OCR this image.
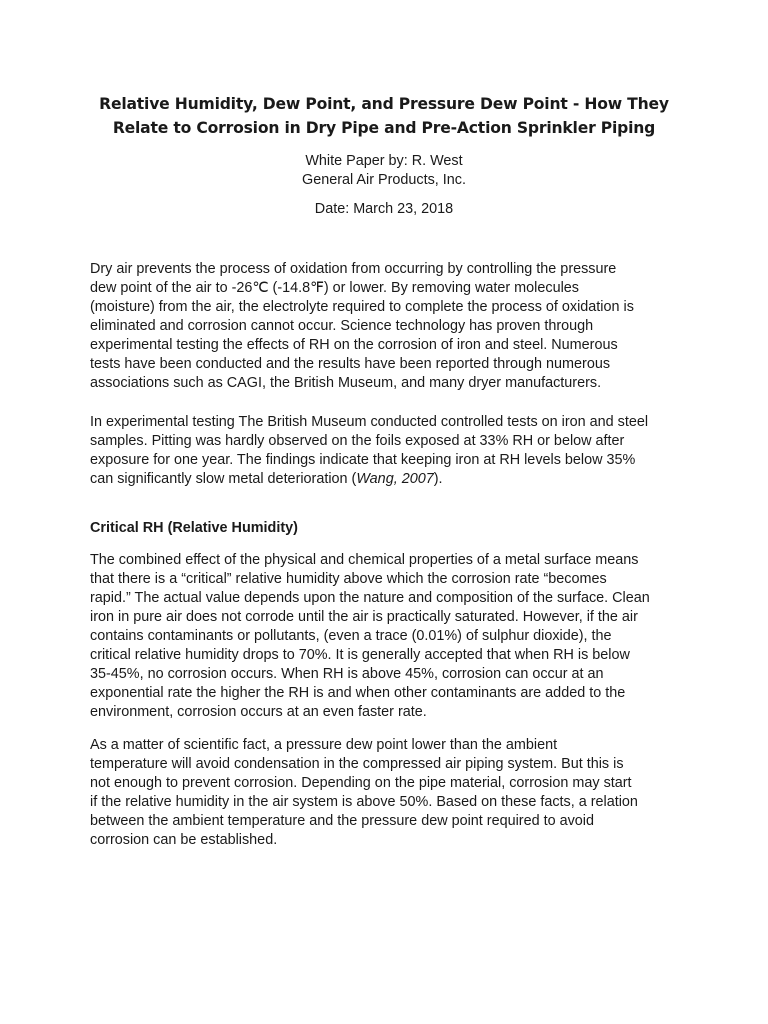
Relative Humidity, Dew Point, and Pressure Dew Point - How They
Relate to Corrosion in Dry Pipe and Pre-Action Sprinkler Piping
White Paper by: R. West
General Air Products, Inc.
Date: March 23, 2018

Dry air prevents the process of oxidation from occurring by controlling the pressure
dew point of the air to -26℃ (-14.8℉) or lower. By removing water molecules
(moisture) from the air, the electrolyte required to complete the process of oxidation is
eliminated and corrosion cannot occur. Science technology has proven through
experimental testing the effects of RH on the corrosion of iron and steel. Numerous
tests have been conducted and the results have been reported through numerous
associations such as CAGI, the British Museum, and many dryer manufacturers.

In experimental testing The British Museum conducted controlled tests on iron and steel
samples. Pitting was hardly observed on the foils exposed at 33% RH or below after
exposure for one year. The findings indicate that keeping iron at RH levels below 35%
can significantly slow metal deterioration (Wang, 2007).

Critical RH (Relative Humidity)

The combined effect of the physical and chemical properties of a metal surface means
that there is a “critical” relative humidity above which the corrosion rate “becomes
rapid.” The actual value depends upon the nature and composition of the surface. Clean
iron in pure air does not corrode until the air is practically saturated. However, if the air
contains contaminants or pollutants, (even a trace (0.01%) of sulphur dioxide), the
critical relative humidity drops to 70%. It is generally accepted that when RH is below
35-45%, no corrosion occurs. When RH is above 45%, corrosion can occur at an
exponential rate the higher the RH is and when other contaminants are added to the
environment, corrosion occurs at an even faster rate.

As a matter of scientific fact, a pressure dew point lower than the ambient
temperature will avoid condensation in the compressed air piping system. But this is
not enough to prevent corrosion. Depending on the pipe material, corrosion may start
if the relative humidity in the air system is above 50%. Based on these facts, a relation
between the ambient temperature and the pressure dew point required to avoid
corrosion can be established.
